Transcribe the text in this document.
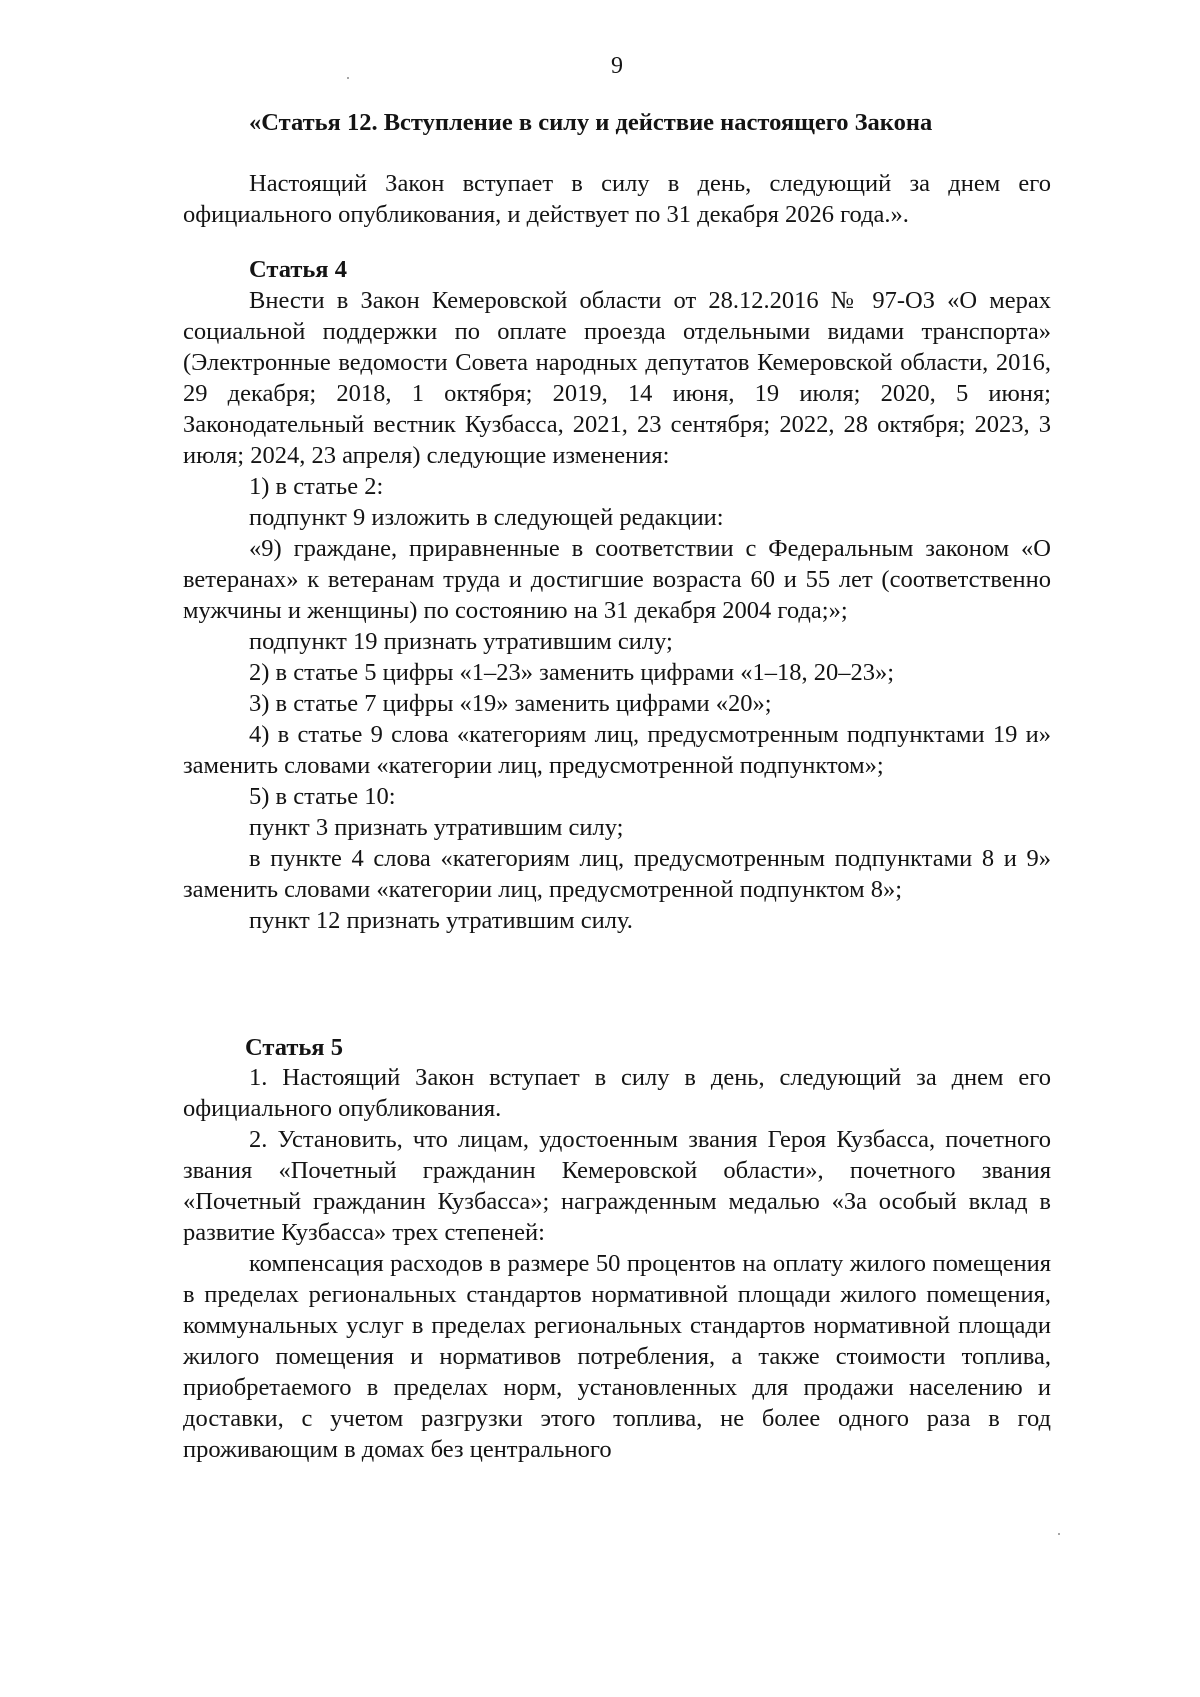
9
«Статья 12. Вступление в силу и действие настоящего Закона

Настоящий Закон вступает в силу в день, следующий за днем его официального опубликования, и действует по 31 декабря 2026 года.».

Статья 4

Внести в Закон Кемеровской области от 28.12.2016 № 97-ОЗ «О мерах социальной поддержки по оплате проезда отдельными видами транспорта» (Электронные ведомости Совета народных депутатов Кемеровской области, 2016, 29 декабря; 2018, 1 октября; 2019, 14 июня, 19 июля; 2020, 5 июня; Законодательный вестник Кузбасса, 2021, 23 сентября; 2022, 28 октября; 2023, 3 июля; 2024, 23 апреля) следующие изменения:

1) в статье 2:

подпункт 9 изложить в следующей редакции:

«9) граждане, приравненные в соответствии с Федеральным законом «О ветеранах» к ветеранам труда и достигшие возраста 60 и 55 лет (соответственно мужчины и женщины) по состоянию на 31 декабря 2004 года;»;

подпункт 19 признать утратившим силу;

2) в статье 5 цифры «1–23» заменить цифрами «1–18, 20–23»;

3) в статье 7 цифры «19» заменить цифрами «20»;

4) в статье 9 слова «категориям лиц, предусмотренным подпунктами 19 и» заменить словами «категории лиц, предусмотренной подпунктом»;

5) в статье 10:

пункт 3 признать утратившим силу;

в пункте 4 слова «категориям лиц, предусмотренным подпунктами 8 и 9» заменить словами «категории лиц, предусмотренной подпунктом 8»;

пункт 12 признать утратившим силу.

Статья 5

1. Настоящий Закон вступает в силу в день, следующий за днем его официального опубликования.

2. Установить, что лицам, удостоенным звания Героя Кузбасса, почетного звания «Почетный гражданин Кемеровской области», почетного звания «Почетный гражданин Кузбасса»; награжденным медалью «За особый вклад в развитие Кузбасса» трех степеней:

компенсация расходов в размере 50 процентов на оплату жилого помещения в пределах региональных стандартов нормативной площади жилого помещения, коммунальных услуг в пределах региональных стандартов нормативной площади жилого помещения и нормативов потребления, а также стоимости топлива, приобретаемого в пределах норм, установленных для продажи населению и доставки, с учетом разгрузки этого топлива, не более одного раза в год проживающим в домах без центрального
